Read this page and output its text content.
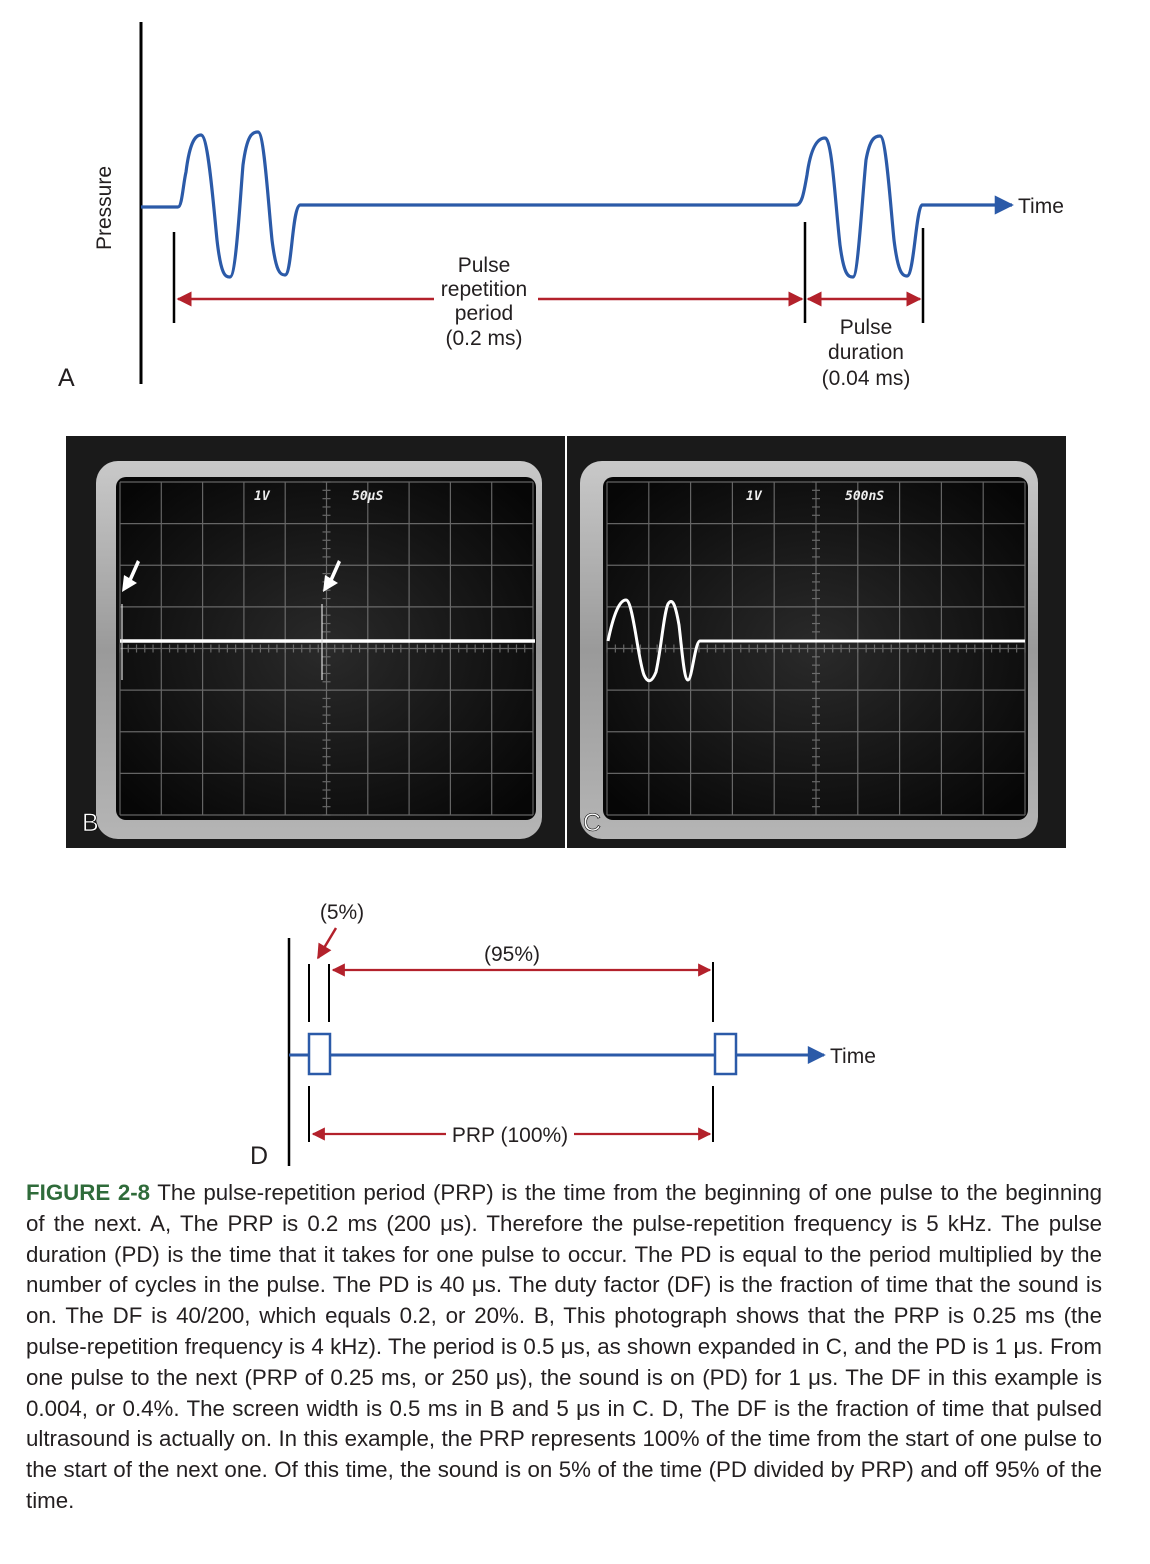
Pressure
A
Time
Pulse
repetition
period
(0.2 ms)	Pulse
duration
(0.04 ms)
1V	50μS
B
1V	500nS
C
D
Time
(5%)
(95%)
PRP (100%)

FIGURE 2-8 The pulse-repetition period (PRP) is the time from the beginning of one pulse to the beginning of the next. A, The PRP is 0.2 ms (200 μs). Therefore the pulse-repetition frequency is 5 kHz. The pulse duration (PD) is the time that it takes for one pulse to occur. The PD is equal to the period multiplied by the number of cycles in the pulse. The PD is 40 μs. The duty factor (DF) is the fraction of time that the sound is on. The DF is 40/200, which equals 0.2, or 20%. B, This photograph shows that the PRP is 0.25 ms (the pulse-repetition frequency is 4 kHz). The period is 0.5 μs, as shown expanded in C, and the PD is 1 μs. From one pulse to the next (PRP of 0.25 ms, or 250 μs), the sound is on (PD) for 1 μs. The DF in this example is 0.004, or 0.4%. The screen width is 0.5 ms in B and 5 μs in C. D, The DF is the fraction of time that pulsed ultrasound is actually on. In this example, the PRP represents 100% of the time from the start of one pulse to the start of the next one. Of this time, the sound is on 5% of the time (PD divided by PRP) and off 95% of the time.
